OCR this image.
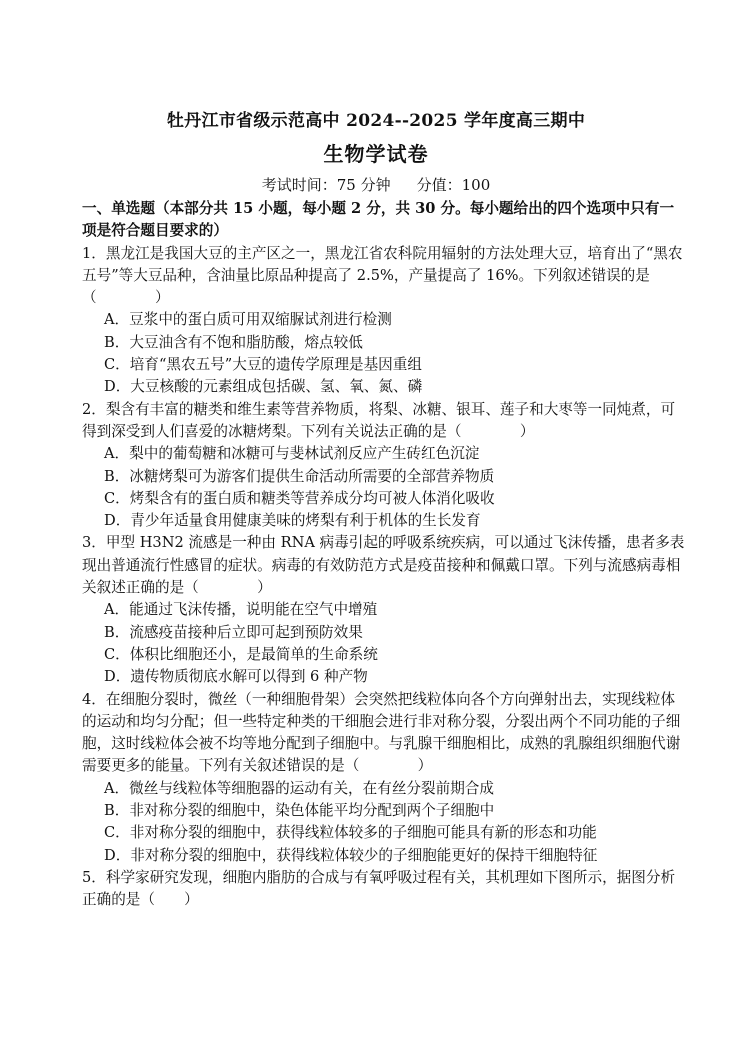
牡丹江市省级示范高中 2024--2025 学年度高三期中
生物学试卷
考试时间：75 分钟 分值：100

一、单选题（本部分共 15 小题，每小题 2 分，共 30 分。每小题给出的四个选项中只有一项是符合题目要求的）

1．黑龙江是我国大豆的主产区之一，黑龙江省农科院用辐射的方法处理大豆，培育出了“黑农五号”等大豆品种，含油量比原品种提高了 2.5%，产量提高了 16%。下列叙述错误的是（　　　　）

A．豆浆中的蛋白质可用双缩脲试剂进行检测

B．大豆油含有不饱和脂肪酸，熔点较低

C．培育“黑农五号”大豆的遗传学原理是基因重组

D．大豆核酸的元素组成包括碳、氢、氧、氮、磷

2．梨含有丰富的糖类和维生素等营养物质，将梨、冰糖、银耳、莲子和大枣等一同炖煮，可得到深受到人们喜爱的冰糖烤梨。下列有关说法正确的是（　　　　）

A．梨中的葡萄糖和冰糖可与斐林试剂反应产生砖红色沉淀

B．冰糖烤梨可为游客们提供生命活动所需要的全部营养物质

C．烤梨含有的蛋白质和糖类等营养成分均可被人体消化吸收

D．青少年适量食用健康美味的烤梨有利于机体的生长发育

3．甲型 H3N2 流感是一种由 RNA 病毒引起的呼吸系统疾病，可以通过飞沫传播，患者多表现出普通流行性感冒的症状。病毒的有效防范方式是疫苗接种和佩戴口罩。下列与流感病毒相关叙述正确的是（　　　　）

A．能通过飞沫传播，说明能在空气中增殖

B．流感疫苗接种后立即可起到预防效果

C．体积比细胞还小，是最简单的生命系统

D．遗传物质彻底水解可以得到 6 种产物

4．在细胞分裂时，微丝（一种细胞骨架）会突然把线粒体向各个方向弹射出去，实现线粒体的运动和均匀分配；但一些特定种类的干细胞会进行非对称分裂，分裂出两个不同功能的子细胞，这时线粒体会被不均等地分配到子细胞中。与乳腺干细胞相比，成熟的乳腺组织细胞代谢需要更多的能量。下列有关叙述错误的是（　　　　）

A．微丝与线粒体等细胞器的运动有关，在有丝分裂前期合成

B．非对称分裂的细胞中，染色体能平均分配到两个子细胞中

C．非对称分裂的细胞中，获得线粒体较多的子细胞可能具有新的形态和功能

D．非对称分裂的细胞中，获得线粒体较少的子细胞能更好的保持干细胞特征

5．科学家研究发现，细胞内脂肪的合成与有氧呼吸过程有关，其机理如下图所示，据图分析正确的是（　　）
